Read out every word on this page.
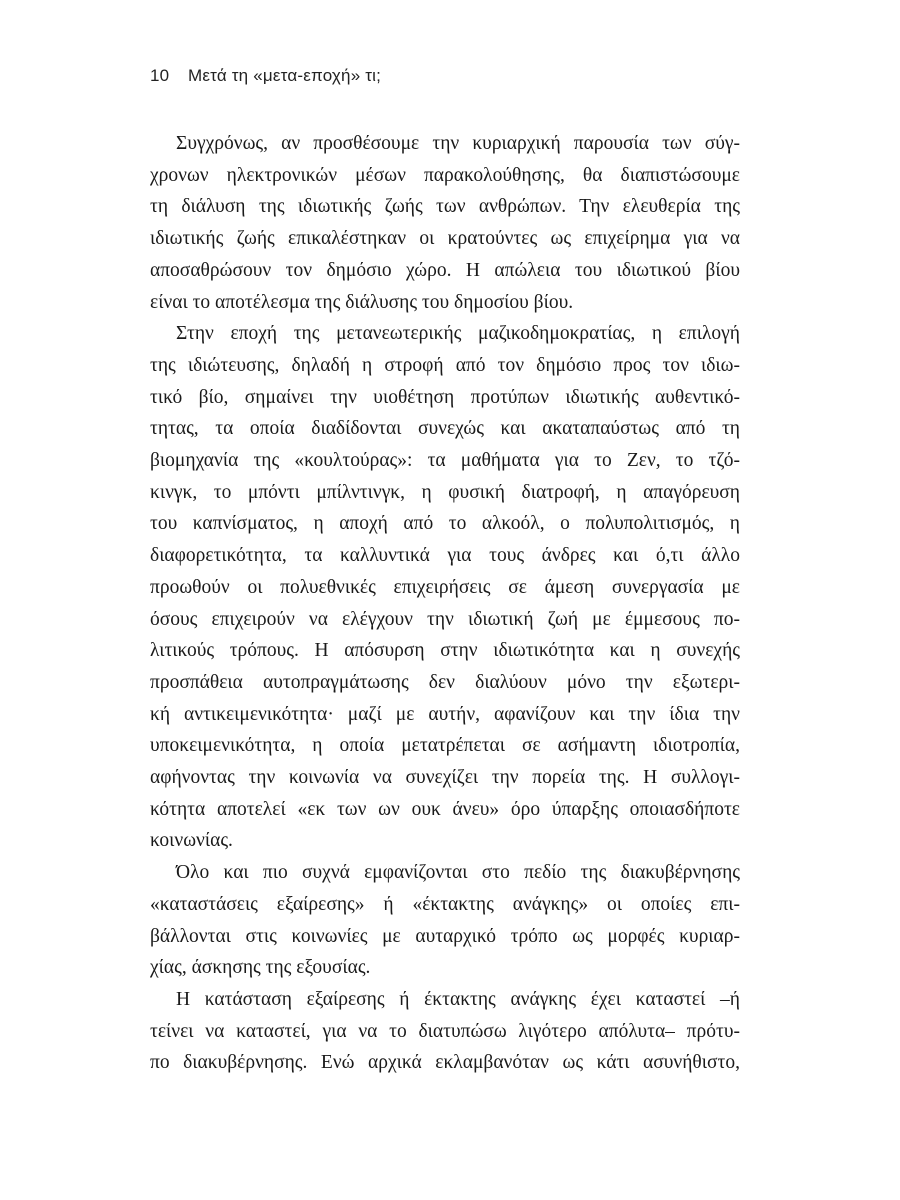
10 Μετά τη «μετα-εποχή» τι;

Συγχρόνως, αν προσθέσουμε την κυριαρχική παρουσία των σύγ-
χρονων ηλεκτρονικών μέσων παρακολούθησης, θα διαπιστώσουμε
τη διάλυση της ιδιωτικής ζωής των ανθρώπων. Την ελευθερία της
ιδιωτικής ζωής επικαλέστηκαν οι κρατούντες ως επιχείρημα για να
αποσαθρώσουν τον δημόσιο χώρο. Η απώλεια του ιδιωτικού βίου
είναι το αποτέλεσμα της διάλυσης του δημοσίου βίου.

Στην εποχή της μετανεωτερικής μαζικοδημοκρατίας, η επιλογή
της ιδιώτευσης, δηλαδή η στροφή από τον δημόσιο προς τον ιδιω-
τικό βίο, σημαίνει την υιοθέτηση προτύπων ιδιωτικής αυθεντικό-
τητας, τα οποία διαδίδονται συνεχώς και ακαταπαύστως από τη
βιομηχανία της «κουλτούρας»: τα μαθήματα για το Ζεν, το τζό-
κινγκ, το μπόντι μπίλντινγκ, η φυσική διατροφή, η απαγόρευση
του καπνίσματος, η αποχή από το αλκοόλ, ο πολυπολιτισμός, η
διαφορετικότητα, τα καλλυντικά για τους άνδρες και ό,τι άλλο
προωθούν οι πολυεθνικές επιχειρήσεις σε άμεση συνεργασία με
όσους επιχειρούν να ελέγχουν την ιδιωτική ζωή με έμμεσους πο-
λιτικούς τρόπους. Η απόσυρση στην ιδιωτικότητα και η συνεχής
προσπάθεια αυτοπραγμάτωσης δεν διαλύουν μόνο την εξωτερι-
κή αντικειμενικότητα· μαζί με αυτήν, αφανίζουν και την ίδια την
υποκειμενικότητα, η οποία μετατρέπεται σε ασήμαντη ιδιοτροπία,
αφήνοντας την κοινωνία να συνεχίζει την πορεία της. Η συλλογι-
κότητα αποτελεί «εκ των ων ουκ άνευ» όρο ύπαρξης οποιασδήποτε
κοινωνίας.

Όλο και πιο συχνά εμφανίζονται στο πεδίο της διακυβέρνησης
«καταστάσεις εξαίρεσης» ή «έκτακτης ανάγκης» οι οποίες επι-
βάλλονται στις κοινωνίες με αυταρχικό τρόπο ως μορφές κυριαρ-
χίας, άσκησης της εξουσίας.

Η κατάσταση εξαίρεσης ή έκτακτης ανάγκης έχει καταστεί –ή
τείνει να καταστεί, για να το διατυπώσω λιγότερο απόλυτα– πρότυ-
πο διακυβέρνησης. Ενώ αρχικά εκλαμβανόταν ως κάτι ασυνήθιστο,
